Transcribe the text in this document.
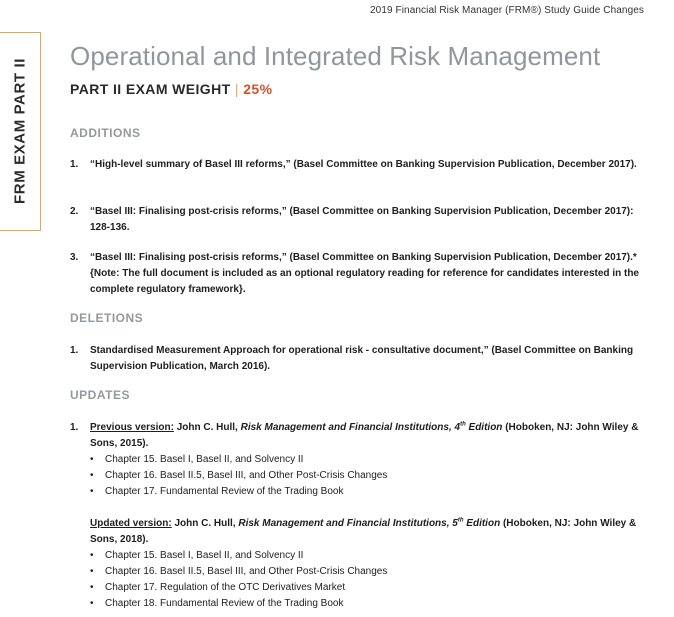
2019 Financial Risk Manager (FRM®) Study Guide Changes
FRM EXAM PART II
Operational and Integrated Risk Management
PART II EXAM WEIGHT | 25%
ADDITIONS
1. “High-level summary of Basel III reforms,” (Basel Committee on Banking Supervision Publication, December 2017).
2. “Basel III: Finalising post-crisis reforms,” (Basel Committee on Banking Supervision Publication, December 2017): 128-136.
3. “Basel III: Finalising post-crisis reforms,” (Basel Committee on Banking Supervision Publication, December 2017).* {Note: The full document is included as an optional regulatory reading for reference for candidates interested in the complete regulatory framework}.
DELETIONS
1. Standardised Measurement Approach for operational risk - consultative document,” (Basel Committee on Banking Supervision Publication, March 2016).
UPDATES
1. Previous version: John C. Hull, Risk Management and Financial Institutions, 4th Edition (Hoboken, NJ: John Wiley & Sons, 2015).
• Chapter 15. Basel I, Basel II, and Solvency II
• Chapter 16. Basel II.5, Basel III, and Other Post-Crisis Changes
• Chapter 17. Fundamental Review of the Trading Book
Updated version: John C. Hull, Risk Management and Financial Institutions, 5th Edition (Hoboken, NJ: John Wiley & Sons, 2018).
• Chapter 15. Basel I, Basel II, and Solvency II
• Chapter 16. Basel II.5, Basel III, and Other Post-Crisis Changes
• Chapter 17. Regulation of the OTC Derivatives Market
• Chapter 18. Fundamental Review of the Trading Book
